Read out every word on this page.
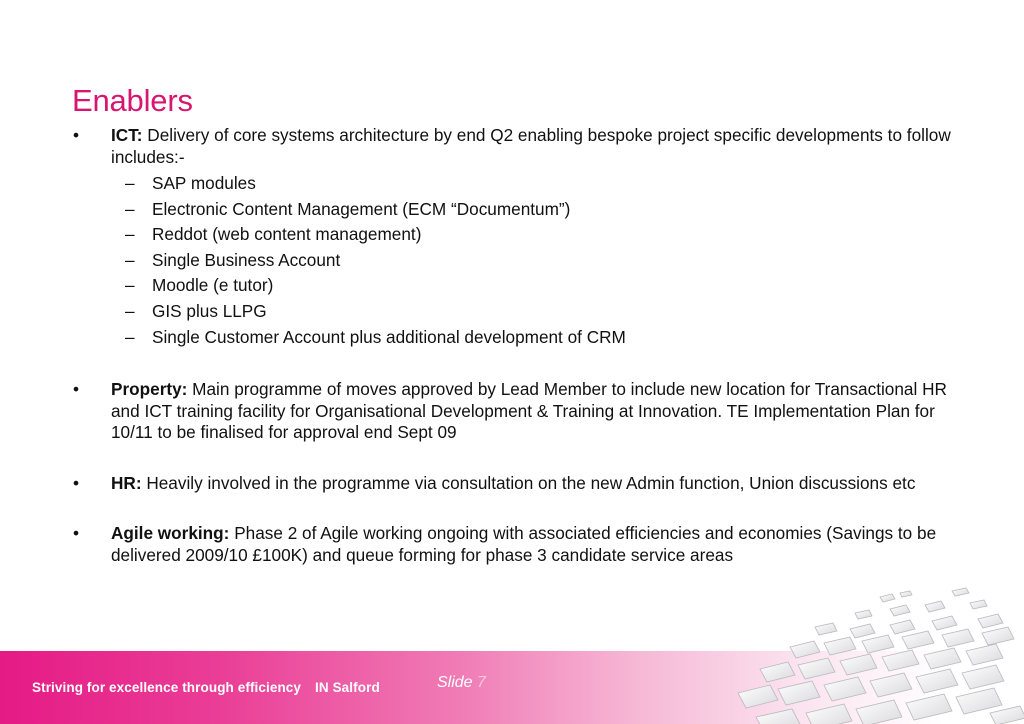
Enablers
• ICT: Delivery of core systems architecture by end Q2 enabling bespoke project specific developments to follow includes:-
– SAP modules
– Electronic Content Management (ECM “Documentum”)
– Reddot (web content management)
– Single Business Account
– Moodle (e tutor)
– GIS plus LLPG
– Single Customer Account plus additional development of CRM
• Property: Main programme of moves approved by Lead Member to include new location for Transactional HR and ICT training facility for Organisational Development & Training at Innovation. TE Implementation Plan for 10/11 to be finalised for approval end Sept 09
• HR: Heavily involved in the programme via consultation on the new Admin function, Union discussions etc
• Agile working: Phase 2 of Agile working ongoing with associated efficiencies and economies (Savings to be delivered 2009/10 £100K) and queue forming for phase 3 candidate service areas
Striving for excellence through efficiency IN Salford	Slide 7
